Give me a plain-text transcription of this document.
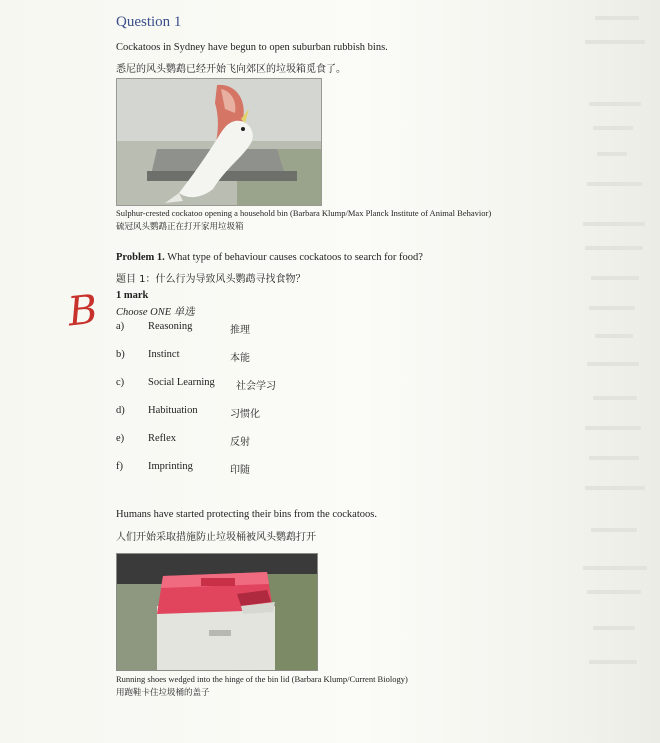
Question 1
Cockatoos in Sydney have begun to open suburban rubbish bins.
悉尼的风头鹦鹉已经开始飞向郊区的垃圾箱觅食了。
Sulphur-crested cockatoo opening a household bin (Barbara Klump/Max Planck Institute of Animal Behavior)
硫冠风头鹦鹉正在打开家用垃圾箱
Problem 1. What type of behaviour causes cockatoos to search for food?
题目 1：什么行为导致风头鹦鹉寻找食物？
1 mark
Choose ONE 单选
B a)	Reasoning	推理
b)	Instinct	本能
c)	Social Learning 社会学习
d)	Habituation	习惯化
e)	Reflex	反射
f)	Imprinting	印随
Humans have started protecting their bins from the cockatoos.
人们开始采取措施防止垃圾桶被风头鹦鹉打开
Running shoes wedged into the hinge of the bin lid (Barbara Klump/Current Biology)
用跑鞋卡住垃圾桶的盖子
